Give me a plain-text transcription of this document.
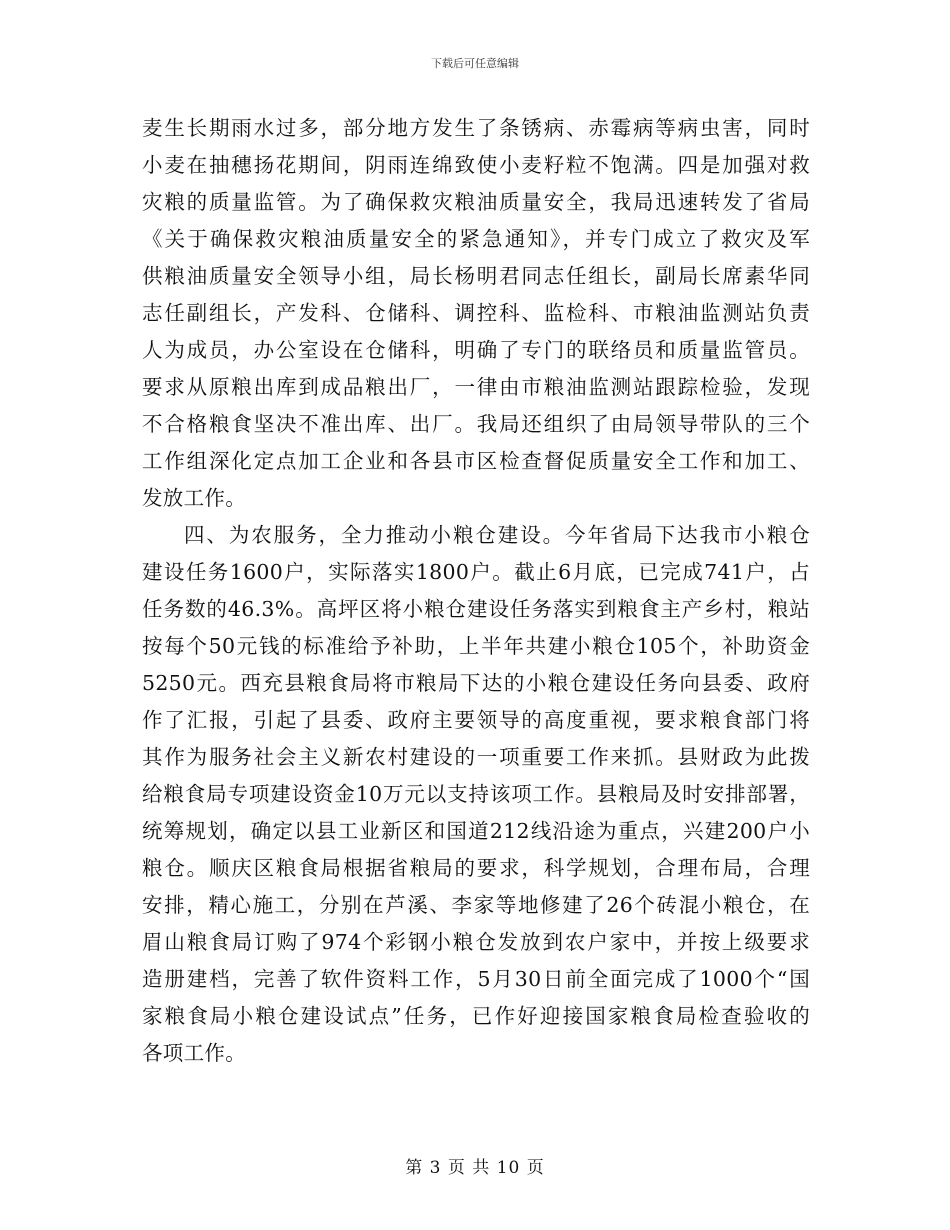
下载后可任意编辑
麦生长期雨水过多，部分地方发生了条锈病、赤霉病等病虫害，同时
小麦在抽穗扬花期间，阴雨连绵致使小麦籽粒不饱满。四是加强对救
灾粮的质量监管。为了确保救灾粮油质量安全，我局迅速转发了省局
《关于确保救灾粮油质量安全的紧急通知》，并专门成立了救灾及军
供粮油质量安全领导小组，局长杨明君同志任组长，副局长席素华同
志任副组长，产发科、仓储科、调控科、监检科、市粮油监测站负责
人为成员，办公室设在仓储科，明确了专门的联络员和质量监管员。
要求从原粮出库到成品粮出厂，一律由市粮油监测站跟踪检验，发现
不合格粮食坚决不准出库、出厂。我局还组织了由局领导带队的三个
工作组深化定点加工企业和各县市区检查督促质量安全工作和加工、
发放工作。
四、为农服务，全力推动小粮仓建设。今年省局下达我市小粮仓
建设任务1600户，实际落实1800户。截止6月底，已完成741户，占
任务数的46.3%。高坪区将小粮仓建设任务落实到粮食主产乡村，粮站
按每个50元钱的标准给予补助，上半年共建小粮仓105个，补助资金
5250元。西充县粮食局将市粮局下达的小粮仓建设任务向县委、政府
作了汇报，引起了县委、政府主要领导的高度重视，要求粮食部门将
其作为服务社会主义新农村建设的一项重要工作来抓。县财政为此拨
给粮食局专项建设资金10万元以支持该项工作。县粮局及时安排部署，
统筹规划，确定以县工业新区和国道212线沿途为重点，兴建200户小
粮仓。顺庆区粮食局根据省粮局的要求，科学规划，合理布局，合理
安排，精心施工，分别在芦溪、李家等地修建了26个砖混小粮仓，在
眉山粮食局订购了974个彩钢小粮仓发放到农户家中，并按上级要求
造册建档，完善了软件资料工作，5月30日前全面完成了1000个“国
家粮食局小粮仓建设试点”任务，已作好迎接国家粮食局检查验收的
各项工作。
第 3 页 共 10 页
